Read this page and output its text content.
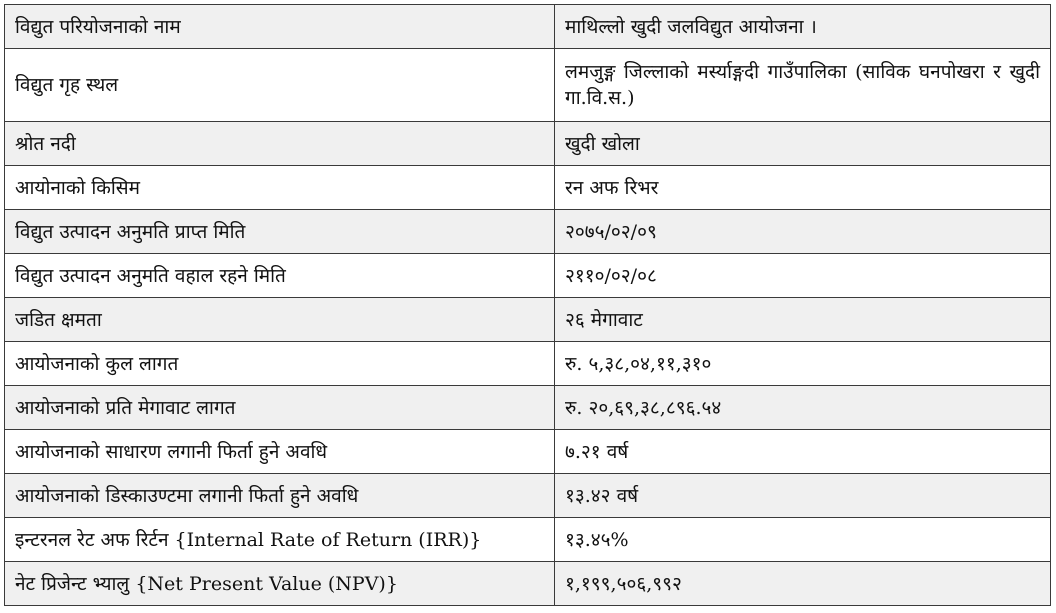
विद्युत परियोजनाको नाम	माथिल्लो खुदी जलविद्युत आयोजना ।
विद्युत गृह स्थल	लमजुङ्ग जिल्लाको मर्स्याङ्गदी गाउँपालिका (साविक घनपोखरा र खुदी गा.वि.स.)
श्रोत नदी	खुदी खोला
आयोनाको किसिम	रन अफ रिभर
विद्युत उत्पादन अनुमति प्राप्त मिति	२०७५/०२/०९
विद्युत उत्पादन अनुमति वहाल रहने मिति	२११०/०२/०८
जडित क्षमता	२६ मेगावाट
आयोजनाको कुल लागत	रु. ५,३८,०४,११,३१०
आयोजनाको प्रति मेगावाट लागत	रु. २०,६९,३८,८९६.५४
आयोजनाको साधारण लगानी फिर्ता हुने अवधि	७.२१ वर्ष
आयोजनाको डिस्काउण्टमा लगानी फिर्ता हुने अवधि	१३.४२ वर्ष
इन्टरनल रेट अफ रिर्टन {Internal Rate of Return (IRR)}	१३.४५%
नेट प्रिजेन्ट भ्यालु {Net Present Value (NPV)}	१,१९९,५०६,९९२
